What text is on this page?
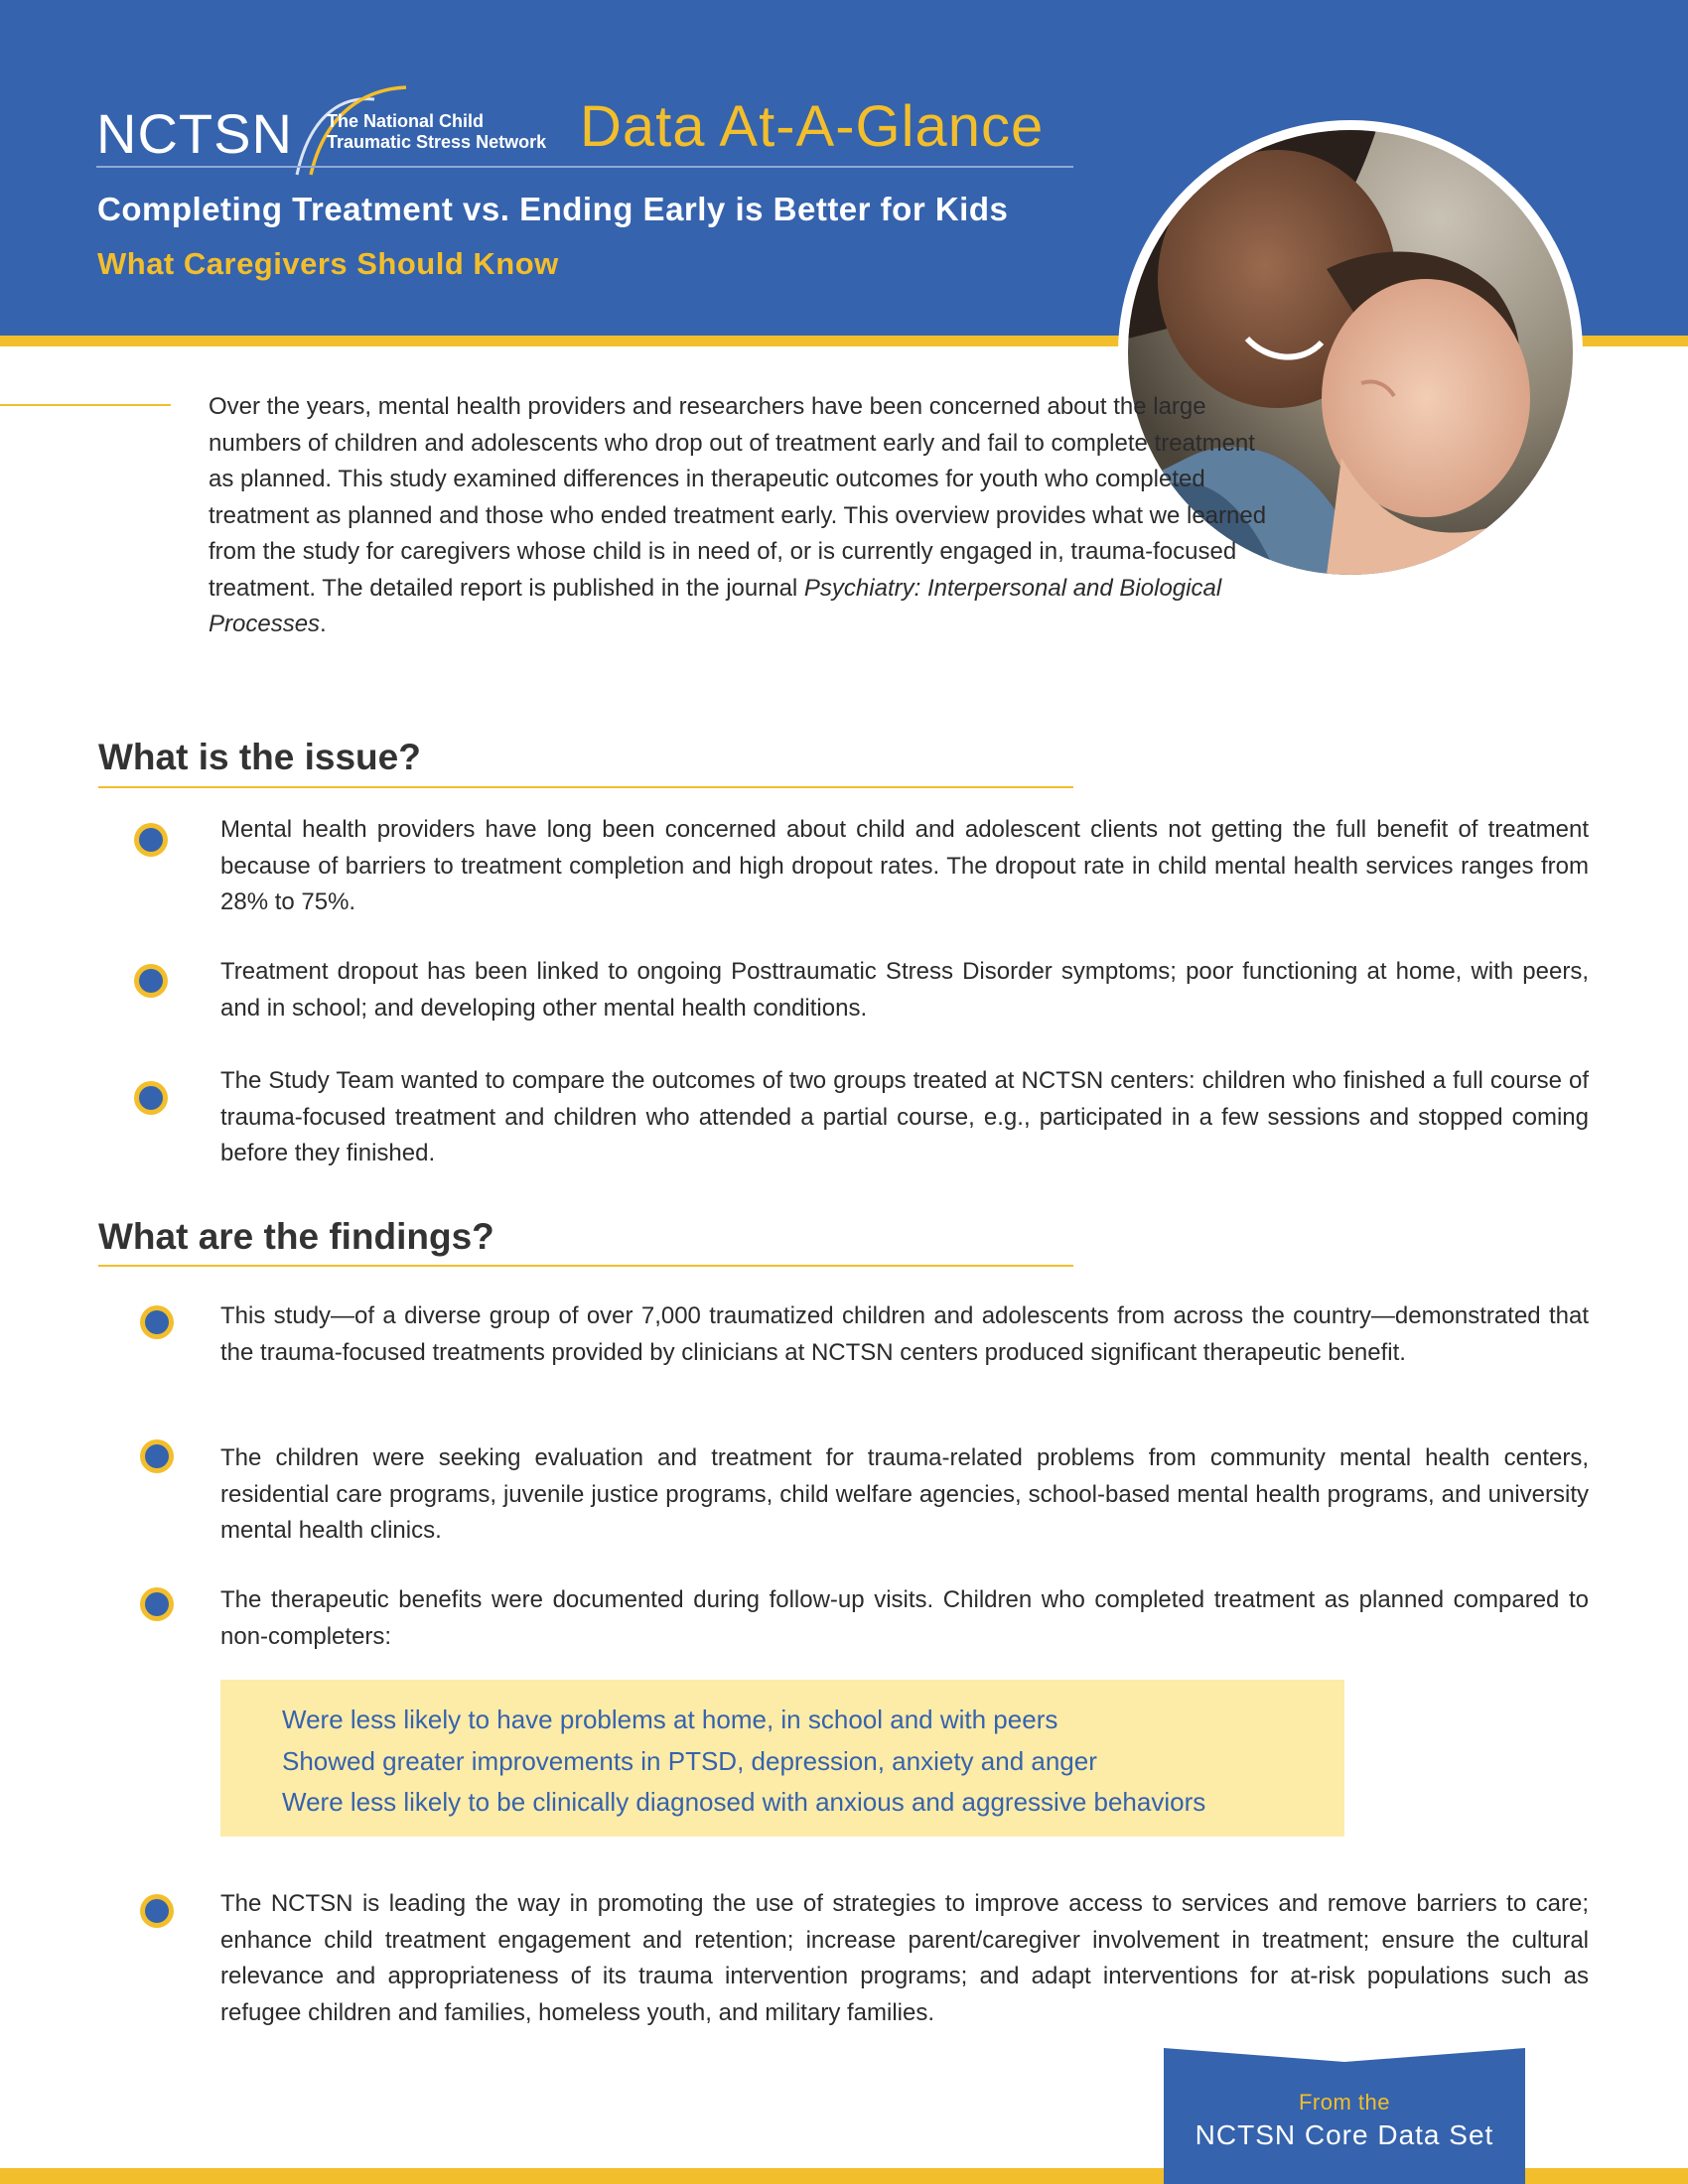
NCTSN The National Child
Traumatic Stress Network Data At-A-Glance
Completing Treatment vs. Ending Early is Better for Kids
What Caregivers Should Know

Over the years, mental health providers and researchers have been concerned about the large numbers of children and adolescents who drop out of treatment early and fail to complete treatment as planned. This study examined differences in therapeutic outcomes for youth who completed treatment as planned and those who ended treatment early. This overview provides what we learned from the study for caregivers whose child is in need of, or is currently engaged in, trauma-focused treatment. The detailed report is published in the journal Psychiatry: Interpersonal and Biological Processes.

What is the issue?
Mental health providers have long been concerned about child and adolescent clients not getting the full benefit of treatment because of barriers to treatment completion and high dropout rates. The dropout rate in child mental health services ranges from 28% to 75%.
Treatment dropout has been linked to ongoing Posttraumatic Stress Disorder symptoms; poor functioning at home, with peers, and in school; and developing other mental health conditions.
The Study Team wanted to compare the outcomes of two groups treated at NCTSN centers: children who finished a full course of trauma-focused treatment and children who attended a partial course, e.g., participated in a few sessions and stopped coming before they finished.
What are the findings?
This study—of a diverse group of over 7,000 traumatized children and adolescents from across the country—demonstrated that the trauma-focused treatments provided by clinicians at NCTSN centers produced significant therapeutic benefit.
The children were seeking evaluation and treatment for trauma-related problems from community mental health centers, residential care programs, juvenile justice programs, child welfare agencies, school-based mental health programs, and university mental health clinics.
The therapeutic benefits were documented during follow-up visits. Children who completed treatment as planned compared to non-completers:
Were less likely to have problems at home, in school and with peers
Showed greater improvements in PTSD, depression, anxiety and anger
Were less likely to be clinically diagnosed with anxious and aggressive behaviors
The NCTSN is leading the way in promoting the use of strategies to improve access to services and remove barriers to care; enhance child treatment engagement and retention; increase parent/caregiver involvement in treatment; ensure the cultural relevance and appropriateness of its trauma intervention programs; and adapt interventions for at-risk populations such as refugee children and families, homeless youth, and military families.
From the
NCTSN Core Data Set
